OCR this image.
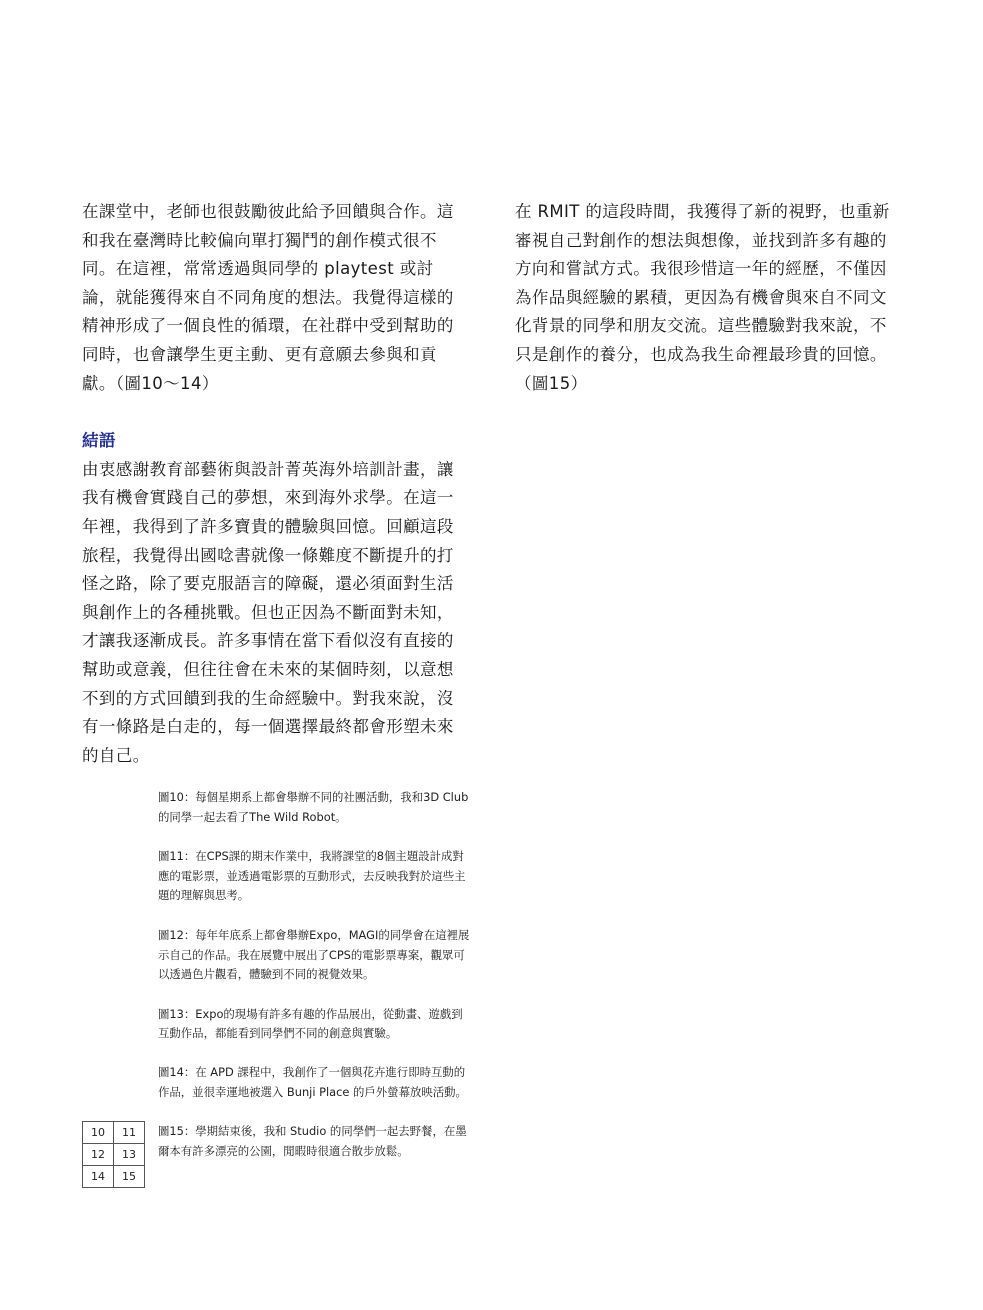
在課堂中，老師也很鼓勵彼此給予回饋與合作。這和我在臺灣時比較偏向單打獨鬥的創作模式很不同。在這裡，常常透過與同學的 playtest 或討論，就能獲得來自不同角度的想法。我覺得這樣的精神形成了一個良性的循環，在社群中受到幫助的同時，也會讓學生更主動、更有意願去參與和貢獻。（圖10～14）

結語

由衷感謝教育部藝術與設計菁英海外培訓計畫，讓我有機會實踐自己的夢想，來到海外求學。在這一年裡，我得到了許多寶貴的體驗與回憶。回顧這段旅程，我覺得出國唸書就像一條難度不斷提升的打怪之路，除了要克服語言的障礙，還必須面對生活與創作上的各種挑戰。但也正因為不斷面對未知，才讓我逐漸成長。許多事情在當下看似沒有直接的幫助或意義，但往往會在未來的某個時刻，以意想不到的方式回饋到我的生命經驗中。對我來說，沒有一條路是白走的，每一個選擇最終都會形塑未來的自己。

在 RMIT 的這段時間，我獲得了新的視野，也重新審視自己對創作的想法與想像，並找到許多有趣的方向和嘗試方式。我很珍惜這一年的經歷，不僅因為作品與經驗的累積，更因為有機會與來自不同文化背景的同學和朋友交流。這些體驗對我來說，不只是創作的養分，也成為我生命裡最珍貴的回憶。（圖15）

圖10：每個星期系上都會舉辦不同的社團活動，我和3D Club的同學一起去看了The Wild Robot。

圖11：在CPS課的期末作業中，我將課堂的8個主題設計成對應的電影票，並透過電影票的互動形式，去反映我對於這些主題的理解與思考。

圖12：每年年底系上都會舉辦Expo，MAGI的同學會在這裡展示自己的作品。我在展覽中展出了CPS的電影票專案，觀眾可以透過色片觀看，體驗到不同的視覺效果。

圖13：Expo的現場有許多有趣的作品展出，從動畫、遊戲到互動作品，都能看到同學們不同的創意與實驗。

圖14：在 APD 課程中，我創作了一個與花卉進行即時互動的作品，並很幸運地被選入 Bunji Place 的戶外螢幕放映活動。

圖15：學期結束後，我和 Studio 的同學們一起去野餐，在墨爾本有許多漂亮的公園，閒暇時很適合散步放鬆。

10	11
12	13
14	15
